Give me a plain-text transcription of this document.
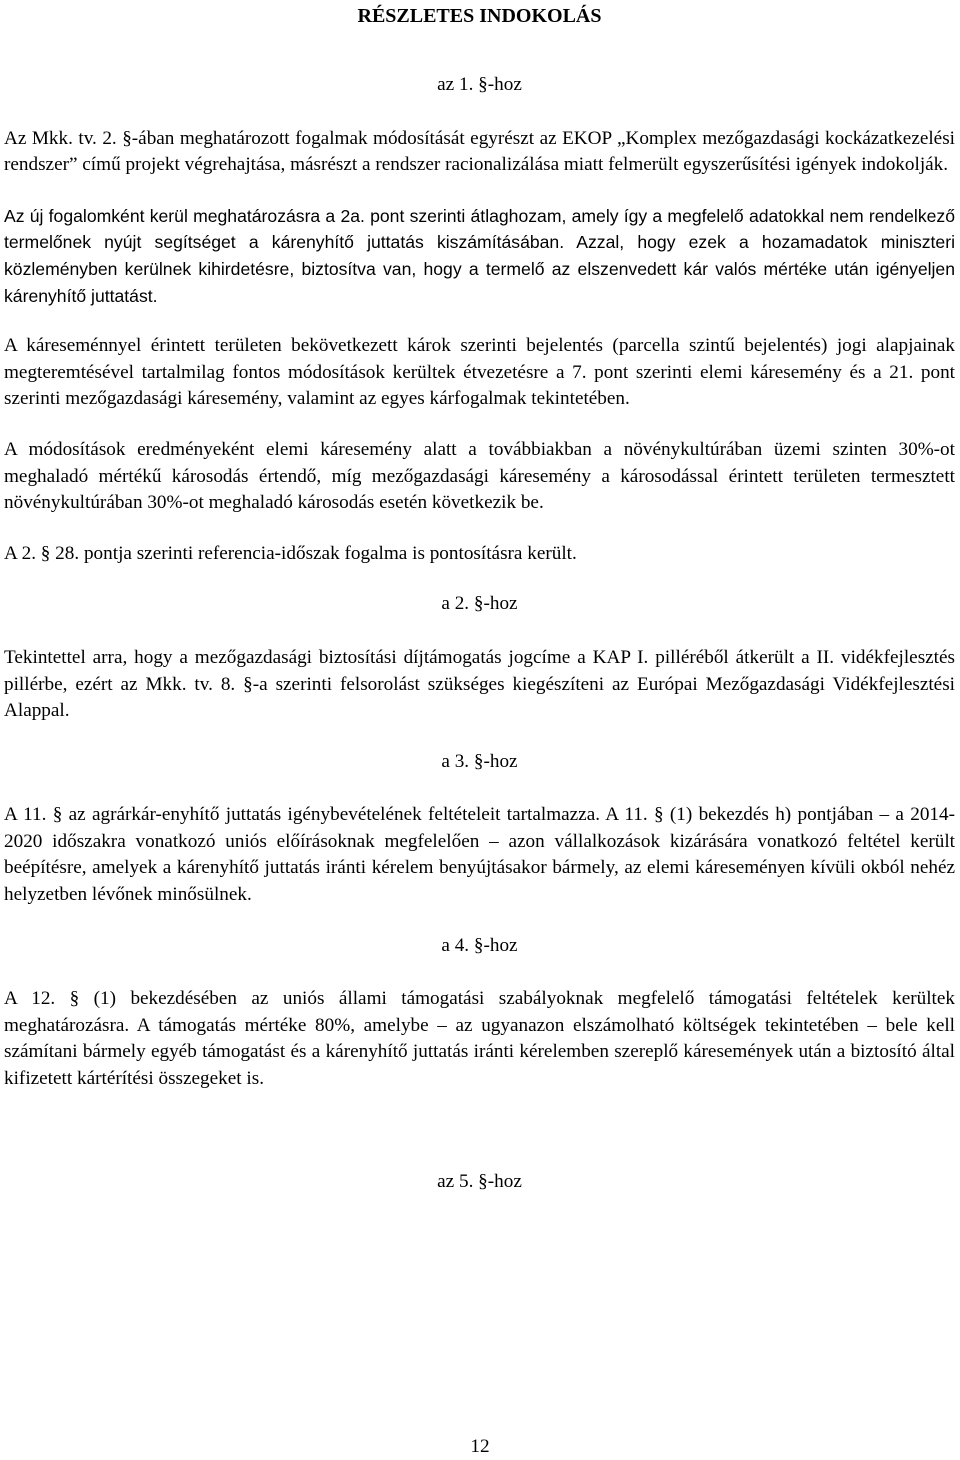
RÉSZLETES INDOKOLÁS
az 1. §-hoz

Az Mkk. tv. 2. §-ában meghatározott fogalmak módosítását egyrészt az EKOP „Komplex mezőgazdasági kockázatkezelési rendszer” című projekt végrehajtása, másrészt a rendszer racionalizálása miatt felmerült egyszerűsítési igények indokolják.

Az új fogalomként kerül meghatározásra a 2a. pont szerinti átlaghozam, amely így a megfelelő adatokkal nem rendelkező termelőnek nyújt segítséget a kárenyhítő juttatás kiszámításában. Azzal, hogy ezek a hozamadatok miniszteri közleményben kerülnek kihirdetésre, biztosítva van, hogy a termelő az elszenvedett kár valós mértéke után igényeljen kárenyhítő juttatást.

A káreseménnyel érintett területen bekövetkezett károk szerinti bejelentés (parcella szintű bejelentés) jogi alapjainak megteremtésével tartalmilag fontos módosítások kerültek étvezetésre a 7. pont szerinti elemi káresemény és a 21. pont szerinti mezőgazdasági káresemény, valamint az egyes kárfogalmak tekintetében.

A módosítások eredményeként elemi káresemény alatt a továbbiakban a növénykultúrában üzemi szinten 30%-ot meghaladó mértékű károsodás értendő, míg mezőgazdasági káresemény a károsodással érintett területen termesztett növénykultúrában 30%-ot meghaladó károsodás esetén következik be.

A 2. § 28. pontja szerinti referencia-időszak fogalma is pontosításra került.

a 2. §-hoz

Tekintettel arra, hogy a mezőgazdasági biztosítási díjtámogatás jogcíme a KAP I. pilléréből átkerült a II. vidékfejlesztés pillérbe, ezért az Mkk. tv. 8. §-a szerinti felsorolást szükséges kiegészíteni az Európai Mezőgazdasági Vidékfejlesztési Alappal.

a 3. §-hoz

A 11. § az agrárkár-enyhítő juttatás igénybevételének feltételeit tartalmazza. A 11. § (1) bekezdés h) pontjában – a 2014-2020 időszakra vonatkozó uniós előírásoknak megfelelően – azon vállalkozások kizárására vonatkozó feltétel került beépítésre, amelyek a kárenyhítő juttatás iránti kérelem benyújtásakor bármely, az elemi káreseményen kívüli okból nehéz helyzetben lévőnek minősülnek.

a 4. §-hoz

A 12. § (1) bekezdésében az uniós állami támogatási szabályoknak megfelelő támogatási feltételek kerültek meghatározásra. A támogatás mértéke 80%, amelybe – az ugyanazon elszámolható költségek tekintetében – bele kell számítani bármely egyéb támogatást és a kárenyhítő juttatás iránti kérelemben szereplő káresemények után a biztosító által kifizetett kártérítési összegeket is.

az 5. §-hoz
12
